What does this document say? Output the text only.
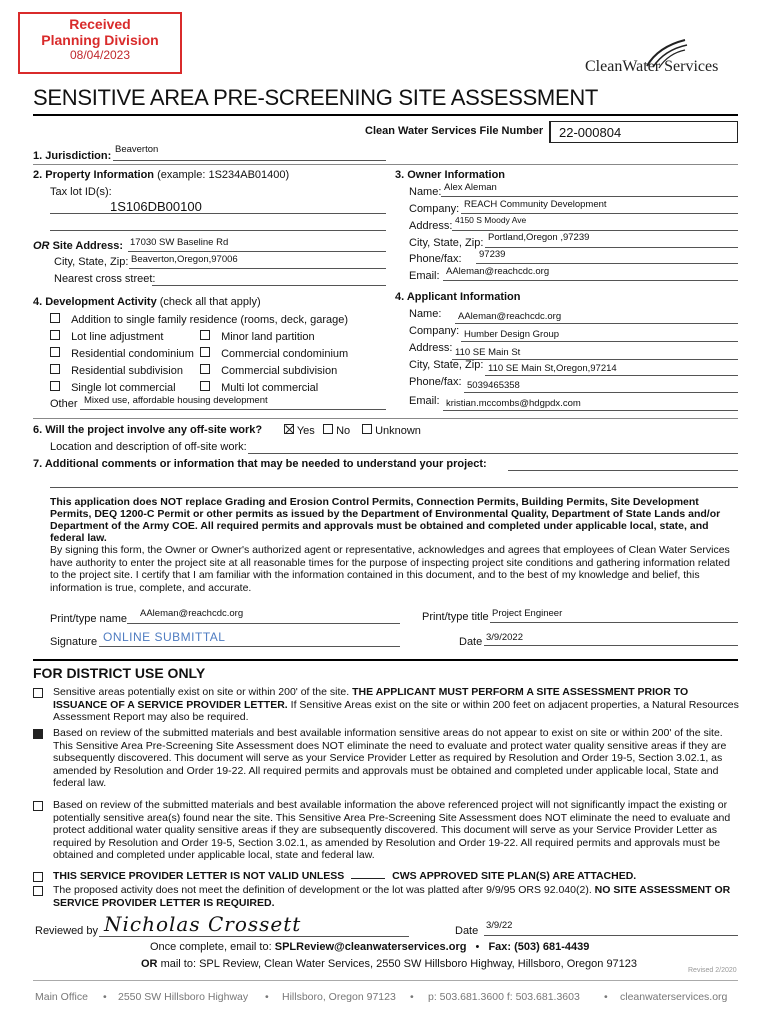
Received
Planning Division
08/04/2023
CleanWater Services
SENSITIVE AREA PRE-SCREENING SITE ASSESSMENT
Clean Water Services File Number 22-000804
1. Jurisdiction:
Beaverton
2. Property Information (example: 1S234AB01400)
Tax lot ID(s):
1S106DB00100
OR Site Address: 17030 SW Baseline Rd
City, State, Zip: Beaverton,Oregon,97006
Nearest cross street:
3. Owner Information
Name: Alex Aleman
Company: REACH Community Development
Address: 4150 S Moody Ave
City, State, Zip: Portland,Oregon ,97239
Phone/fax: 97239
Email: AAleman@reachcdc.org
4. Development Activity (check all that apply)
Addition to single family residence (rooms, deck, garage)
Lot line adjustment	Minor land partition
Residential condominium	Commercial condominium
Residential subdivision	Commercial subdivision
Single lot commercial	Multi lot commercial
Other Mixed use, affordable housing development
4. Applicant Information
Name: AAleman@reachcdc.org
Company: Humber Design Group
Address: 110 SE Main St
City, State, Zip: 110 SE Main St,Oregon,97214
Phone/fax: 5039465358
Email: kristian.mccombs@hdgpdx.com
6. Will the project involve any off-site work?	Yes	No	Unknown
Location and description of off-site work:
7. Additional comments or information that may be needed to understand your project:
This application does NOT replace Grading and Erosion Control Permits, Connection Permits, Building Permits, Site Development Permits, DEQ 1200-C Permit or other permits as issued by the Department of Environmental Quality, Department of State Lands and/or Department of the Army COE. All required permits and approvals must be obtained and completed under applicable local, state, and federal law.
By signing this form, the Owner or Owner's authorized agent or representative, acknowledges and agrees that employees of Clean Water Services have authority to enter the project site at all reasonable times for the purpose of inspecting project site conditions and gathering information related to the project site. I certify that I am familiar with the information contained in this document, and to the best of my knowledge and belief, this information is true, complete, and accurate.
Print/type name AAleman@reachcdc.org	Print/type title Project Engineer
Signature ONLINE SUBMITTAL	Date 3/9/2022
FOR DISTRICT USE ONLY
Sensitive areas potentially exist on site or within 200' of the site. THE APPLICANT MUST PERFORM A SITE ASSESSMENT PRIOR TO ISSUANCE OF A SERVICE PROVIDER LETTER. If Sensitive Areas exist on the site or within 200 feet on adjacent properties, a Natural Resources Assessment Report may also be required.
Based on review of the submitted materials and best available information sensitive areas do not appear to exist on site or within 200' of the site. This Sensitive Area Pre-Screening Site Assessment does NOT eliminate the need to evaluate and protect water quality sensitive areas if they are subsequently discovered. This document will serve as your Service Provider Letter as required by Resolution and Order 19-5, Section 3.02.1, as amended by Resolution and Order 19-22. All required permits and approvals must be obtained and completed under applicable local, State and federal law.
Based on review of the submitted materials and best available information the above referenced project will not significantly impact the existing or potentially sensitive area(s) found near the site. This Sensitive Area Pre-Screening Site Assessment does NOT eliminate the need to evaluate and protect additional water quality sensitive areas if they are subsequently discovered. This document will serve as your Service Provider Letter as required by Resolution and Order 19-5, Section 3.02.1, as amended by Resolution and Order 19-22. All required permits and approvals must be obtained and completed under applicable local, state and federal law.
THIS SERVICE PROVIDER LETTER IS NOT VALID UNLESS	CWS APPROVED SITE PLAN(S) ARE ATTACHED.
The proposed activity does not meet the definition of development or the lot was platted after 9/9/95 ORS 92.040(2). NO SITE ASSESSMENT OR SERVICE PROVIDER LETTER IS REQUIRED.
Reviewed by Nicholas Crossett	Date 3/9/22
Once complete, email to: SPLReview@cleanwaterservices.org • Fax: (503) 681-4439
OR mail to: SPL Review, Clean Water Services, 2550 SW Hillsboro Highway, Hillsboro, Oregon 97123
Revised 2/2020
Main Office • 2550 SW Hillsboro Highway • Hillsboro, Oregon 97123 • p: 503.681.3600 f: 503.681.3603 • cleanwaterservices.org
